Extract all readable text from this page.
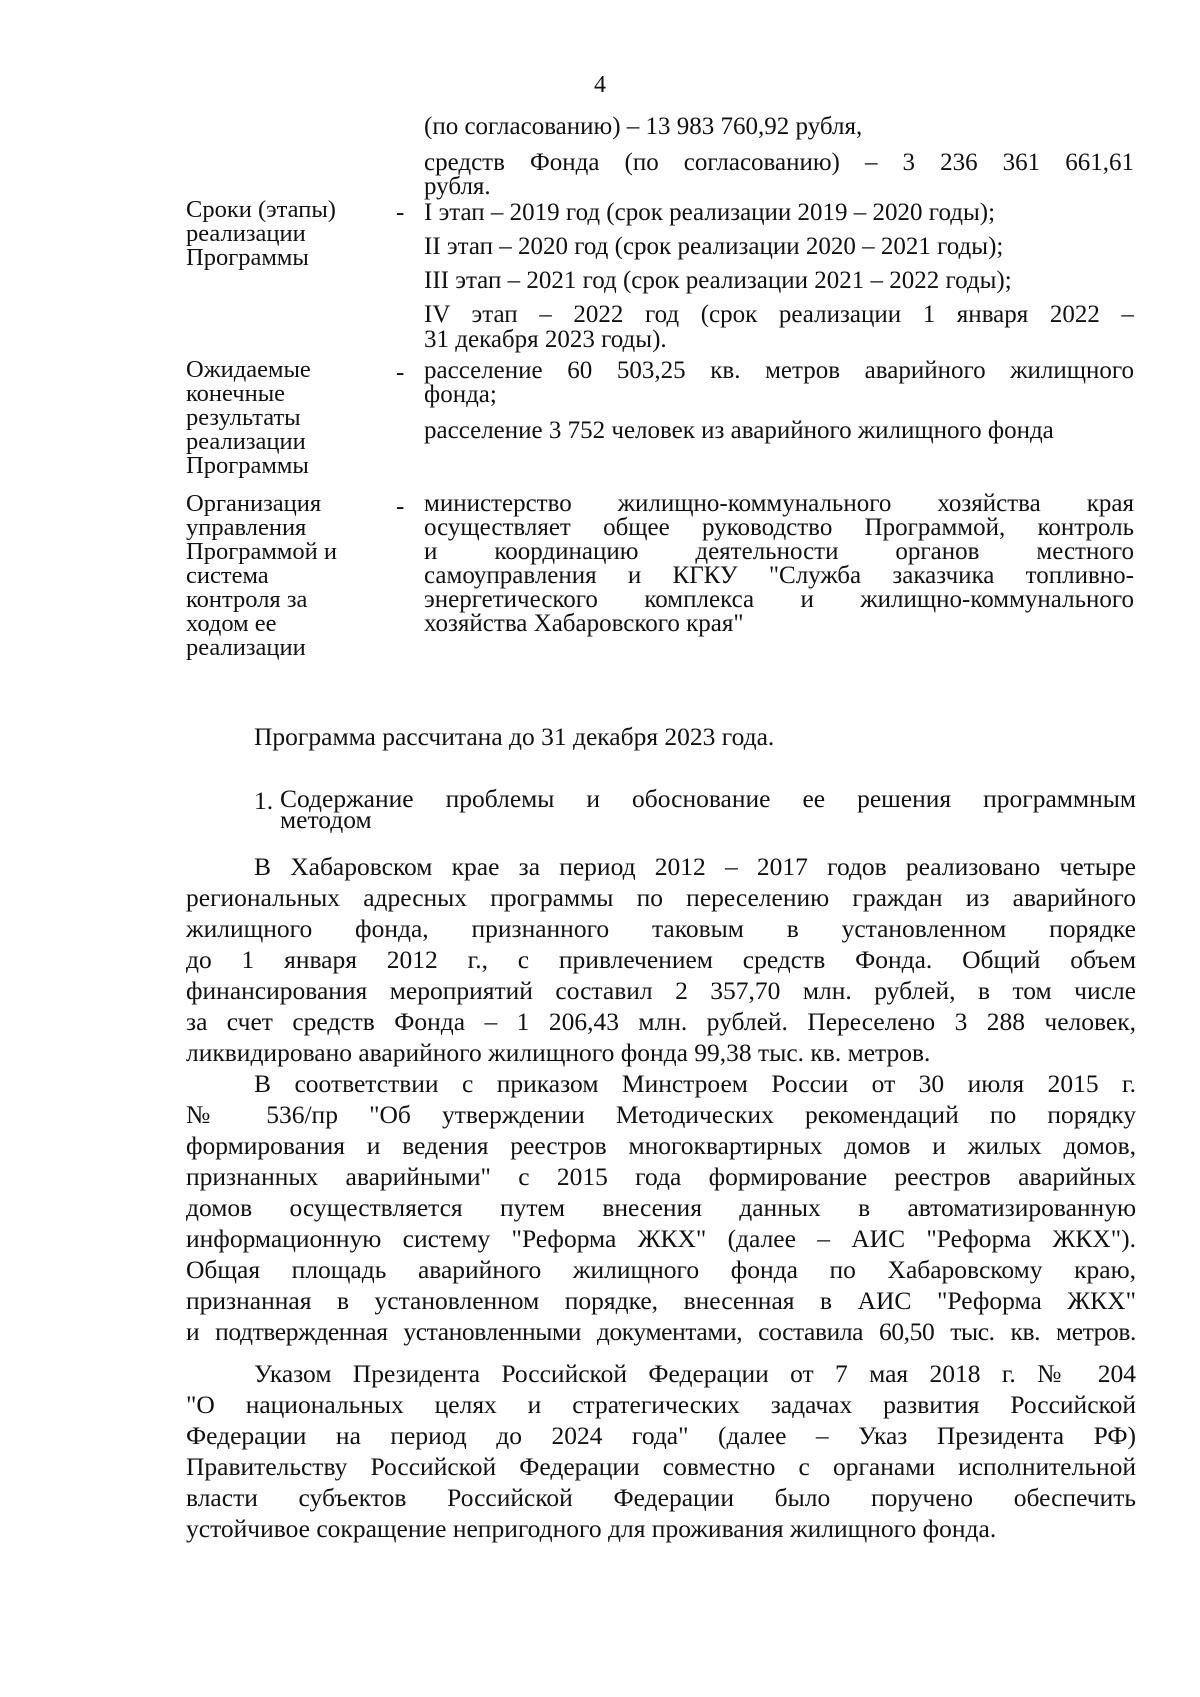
4
(по согласованию) – 13 983 760,92 рубля,
средств Фонда (по согласованию) – 3 236 361 661,61
рубля.
Сроки (этапы)
реализации
Программы
- I этап – 2019 год (срок реализации 2019 – 2020 годы);
II этап – 2020 год (срок реализации 2020 – 2021 годы);
III этап – 2021 год (срок реализации 2021 – 2022 годы);
IV этап – 2022 год (срок реализации 1 января 2022 –
31 декабря 2023 годы).
Ожидаемые
конечные
результаты
реализации
Программы
- расселение 60 503,25 кв. метров аварийного жилищного
фонда;
расселение 3 752 человек из аварийного жилищного фонда
Организация
управления
Программой и
система
контроля за
ходом ее
реализации
- министерство жилищно-коммунального хозяйства края
осуществляет общее руководство Программой, контроль
и координацию деятельности органов местного
самоуправления и КГКУ "Служба заказчика топливно-
энергетического комплекса и жилищно-коммунального
хозяйства Хабаровского края"
Программа рассчитана до 31 декабря 2023 года.
1. Содержание проблемы и обоснование ее решения программным
методом
В Хабаровском крае за период 2012 – 2017 годов реализовано четыре
региональных адресных программы по переселению граждан из аварийного
жилищного фонда, признанного таковым в установленном порядке
до 1 января 2012 г., с привлечением средств Фонда. Общий объем
финансирования мероприятий составил 2 357,70 млн. рублей, в том числе
за счет средств Фонда – 1 206,43 млн. рублей. Переселено 3 288 человек,
ликвидировано аварийного жилищного фонда 99,38 тыс. кв. метров.
В соответствии с приказом Минстроем России от 30 июля 2015 г.
№ 536/пр "Об утверждении Методических рекомендаций по порядку
формирования и ведения реестров многоквартирных домов и жилых домов,
признанных аварийными" с 2015 года формирование реестров аварийных
домов осуществляется путем внесения данных в автоматизированную
информационную систему "Реформа ЖКХ" (далее – АИС "Реформа ЖКХ").
Общая площадь аварийного жилищного фонда по Хабаровскому краю,
признанная в установленном порядке, внесенная в АИС "Реформа ЖКХ"
и подтвержденная установленными документами, составила 60,50 тыс. кв. метров.
Указом Президента Российской Федерации от 7 мая 2018 г. № 204
"О национальных целях и стратегических задачах развития Российской
Федерации на период до 2024 года" (далее – Указ Президента РФ)
Правительству Российской Федерации совместно с органами исполнительной
власти субъектов Российской Федерации было поручено обеспечить
устойчивое сокращение непригодного для проживания жилищного фонда.
